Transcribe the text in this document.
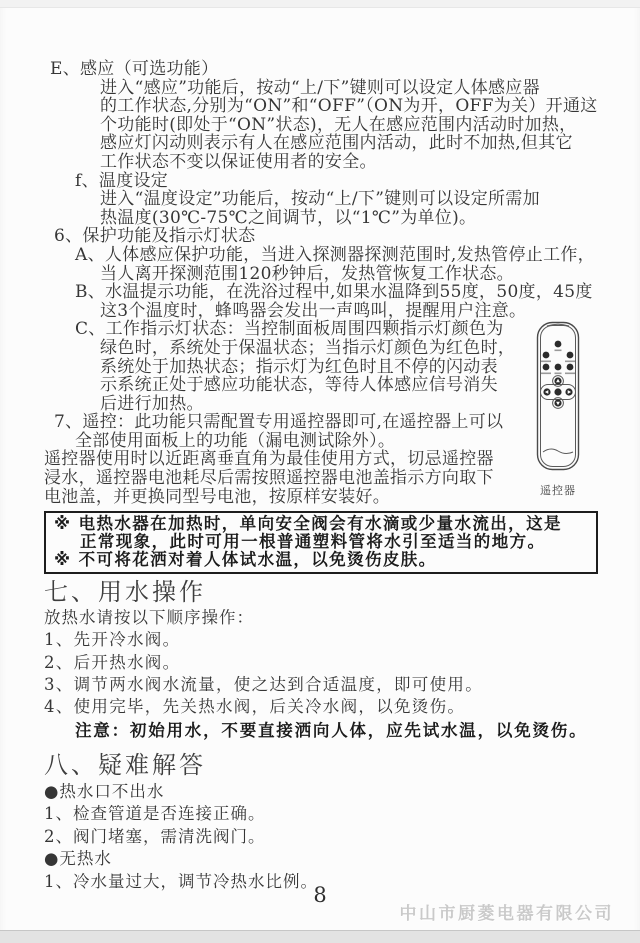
E、感应（可选功能）
进入“感应”功能后，按动“上/下”键则可以设定人体感应器
的工作状态,分别为“ON”和“OFF”（ON为开，OFF为关）开通这
个功能时(即处于“ON”状态)，无人在感应范围内活动时加热，
感应灯闪动则表示有人在感应范围内活动，此时不加热,但其它
工作状态不变以保证使用者的安全。
f、温度设定
进入“温度设定”功能后，按动“上/下”键则可以设定所需加
热温度(30℃-75℃之间调节，以“1℃”为单位)。
6、保护功能及指示灯状态
A、人体感应保护功能，当进入探测器探测范围时,发热管停止工作，
当人离开探测范围120秒钟后，发热管恢复工作状态。
B、水温提示功能，在洗浴过程中,如果水温降到55度，50度，45度
这3个温度时，蜂鸣器会发出一声鸣叫，提醒用户注意。
C、工作指示灯状态：当控制面板周围四颗指示灯颜色为
绿色时，系统处于保温状态；当指示灯颜色为红色时，
系统处于加热状态；指示灯为红色时且不停的闪动表
示系统正处于感应功能状态，等待人体感应信号消失
后进行加热。
7、遥控：此功能只需配置专用遥控器即可,在遥控器上可以
全部使用面板上的功能（漏电测试除外）。
遥控器使用时以近距离垂直角为最佳使用方式，切忌遥控器
浸水，遥控器电池耗尽后需按照遥控器电池盖指示方向取下
电池盖，并更换同型号电池，按原样安装好。
※ 电热水器在加热时，单向安全阀会有水滴或少量水流出，这是
正常现象，此时可用一根普通塑料管将水引至适当的地方。
※ 不可将花洒对着人体试水温，以免烫伤皮肤。
七、用水操作
放热水请按以下顺序操作：
1、先开冷水阀。
2、后开热水阀。
3、调节两水阀水流量，使之达到合适温度，即可使用。
4、使用完毕，先关热水阀，后关冷水阀，以免烫伤。
注意：初始用水，不要直接洒向人体，应先试水温，以免烫伤。
八、疑难解答
●热水口不出水
1、检查管道是否连接正确。
2、阀门堵塞，需清洗阀门。
●无热水
1、冷水量过大，调节冷热水比例。
遥控器
8
中山市厨菱电器有限公司
